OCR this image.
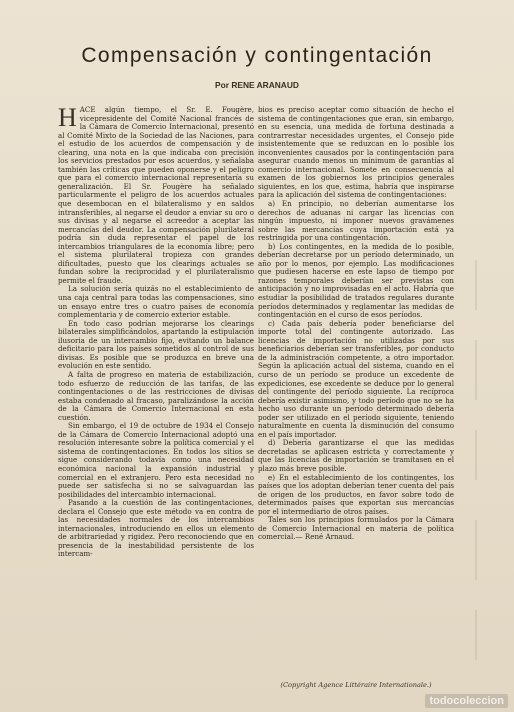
Compensación y contingentación
Por RENE ARANAUD

HACE algún tiempo, el Sr. E. Fougère, vicepresidente del Comité Nacional francés de la Cámara de Comercio Internacional, presentó al Comité Mixto de la Sociedad de las Naciones, para el estudio de los acuerdos de compensación y de clearing, una nota en la que indicaba con precisión los servicios prestados por esos acuerdos, y señalaba también las críticas que pueden oponerse y el peligro que para el comercio internacional representaría su generalización. El Sr. Fougère ha señalado particularmente el peligro de los acuerdos actuales que desembocan en el bilateralismo y en saldos intransferibles, al negarse el deudor a enviar su oro o sus divisas y al negarse el acreedor a aceptar las mercancías del deudor. La compensación plurilateral podría sin duda representar el papel de los intercambios triangulares de la economía libre; pero el sistema plurilateral tropieza con grandes dificultades, puesto que los clearings actuales se fundan sobre la reciprocidad y el plurilateralismo permite el fraude.

La solución sería quizás no el establecimiento de una caja central para todas las compensaciones, sino un ensayo entre tres o cuatro países de economía complementaria y de comercio exterior estable.

En todo caso podrían mejorarse los clearings bilaterales simplificándolos, apartando la estipulación ilusoria de un intercambio fijo, evitando un balance deficitario para los países sometidos al control de sus divisas. Es posible que se produzca en breve una evolución en este sentido.

A falta de progreso en materia de estabilización, todo esfuerzo de reducción de las tarifas, de las contingentaciones o de las restricciones de divisas estaba condenado al fracaso, paralizándose la acción de la Cámara de Comercio Internacional en esta cuestión.

Sin embargo, el 19 de octubre de 1934 el Consejo de la Cámara de Comercio Internacional adoptó una resolución interesante sobre la política comercial y el sistema de contingentaciones. En todos los sitios se sigue considerando todavía como una necesidad económica nacional la expansión industrial y comercial en el extranjero. Pero esta necesidad no puede ser satisfecha si no se salvaguardan las posibilidades del intercambio internacional.

Pasando a la cuestión de las contingentaciones, declara el Consejo que este método va en contra de las necesidades normales de los intercambios internacionales, introduciendo en ellos un elemento de arbitrariedad y rigidez. Pero reconociendo que en presencia de la inestabilidad persistente de los intercam-

bios es preciso aceptar como situación de hecho el sistema de contingentaciones que eran, sin embargo, en su esencia, una medida de fortuna destinada a contrarrestar necesidades urgentes, el Consejo pide insistentemente que se reduzcan en lo posible los inconvenientes causados por la contingentación para asegurar cuando menos un mínimum de garantías al comercio internacional. Somete en consecuencia al examen de los gobiernos los principios generales siguientes, en los que, estima, habría que inspirarse para la aplicación del sistema de contingentaciones:

a) En principio, no deberían aumentarse los derechos de aduanas ni cargar las licencias con ningún impuesto, ni imponer nuevos gravámenes sobre las mercancías cuya importación está ya restringida por una contingentación.

b) Los contingentes, en la medida de lo posible, deberían decretarse por un período determinado, un año por lo menos, por ejemplo. Las modificaciones que pudiesen hacerse en este lapso de tiempo por razones temporales deberían ser previstas con anticipación y no improvisadas en el acto. Habría que estudiar la posibilidad de tratados regulares durante períodos determinados y reglamentar las medidas de contingentación en el curso de esos períodos.

c) Cada país debería poder beneficiarse del importe total del contingente autorizado. Las licencias de importación no utilizadas por sus beneficiarios deberían ser transferibles, por conducto de la administración competente, a otro importador. Según la aplicación actual del sistema, cuando en el curso de un período se produce un excedente de expediciones, ese excedente se deduce por lo general del contingente del período siguiente. La recíproca debería existir asimismo, y todo período que no se ha hecho uso durante un período determinado debería poder ser utilizado en el período siguiente, teniendo naturalmente en cuenta la disminución del consumo en el país importador.

d) Debería garantizarse el que las medidas decretadas se aplicasen estricta y correctamente y que las licencias de importación se tramitasen en el plazo más breve posible.

e) En el establecimiento de los contingentes, los países que los adoptan deberían tener cuenta del país de origen de los productos, en favor sobre todo de determinados países que exportan sus mercancías por el intermediario de otros países.

Tales son los principios formulados por la Cámara de Comercio Internacional en materia de política comercial.— René Arnaud.

(Copyright Agence Littéraire Internationale.)
todocoleccion
